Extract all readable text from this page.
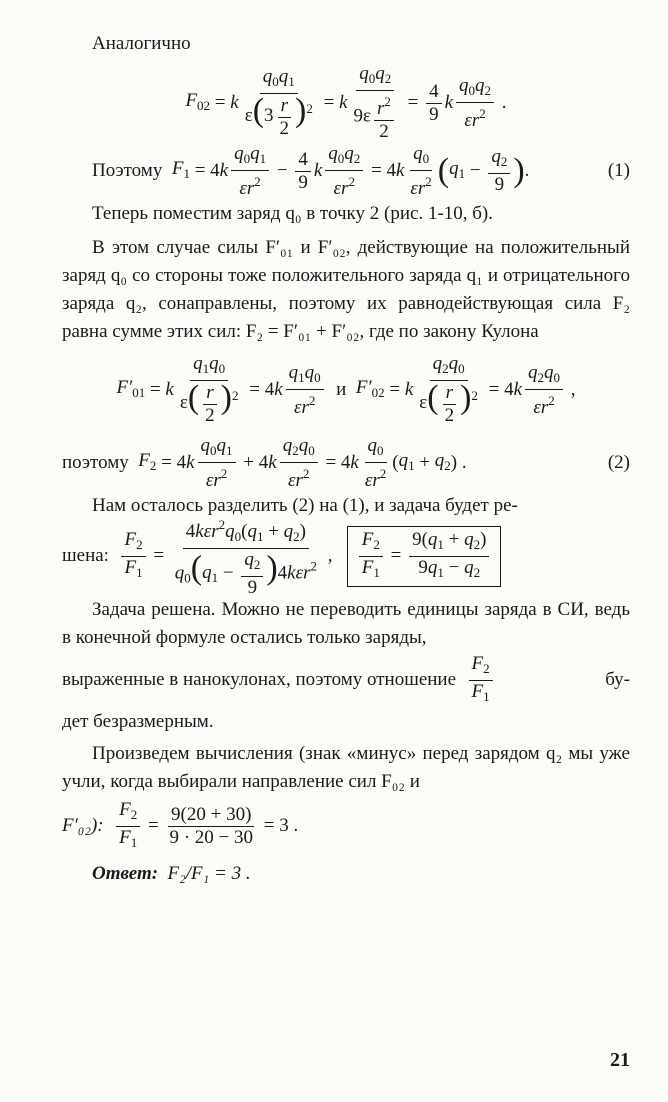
Аналогично

$F_{02} = k \frac{q_0q_1}{\varepsilon(3 \frac{r}{2} )^2} = k \frac{q_0q_2}{9\varepsilon \frac{r^2}{2}} = \frac{4}{9}$ k $\frac{q_0q_2}{\varepsilon r^2}$ .
Поэтому
$F_1 = 4$ k $\frac{q_0q_1}{\varepsilon r^2} - \frac{4}{9}$ k $\frac{q_0q_2}{\varepsilon r^2} = 4$ k $\frac{q_0}{\varepsilon r^2}$ ( $q_1 - \frac{q_2}{9}$ ) .	(1)

Теперь поместим заряд q₀ в точку 2 (рис. 1-10, б).

В этом случае силы F′₀₁ и F′₀₂, действующие на положительный заряд q₀ со стороны тоже положительного заряда q₁ и отрицательного заряда q₂, сонаправлены, поэтому их равнодействующая сила F₂ равна сумме этих сил: F₂ = F′₀₁ + F′₀₂, где по закону Кулона

$F'_{01} = k \frac{q_1q_0}{\varepsilon( \frac{r}{2} )^2} = 4$ k $\frac{q_1q_0}{\varepsilon r^2}$
и
$F'_{02} = k \frac{q_2q_0}{\varepsilon( \frac{r}{2} )^2} = 4$ k $\frac{q_2q_0}{\varepsilon r^2}$ ,
поэтому
$F_2 = 4$ k $\frac{q_0q_1}{\varepsilon r^2} + 4$ k $\frac{q_2q_0}{\varepsilon r^2} = 4$ k $\frac{q_0}{\varepsilon r^2}$ ( $q_1 + q_2$ ) .	(2)

Нам осталось разделить (2) на (1), и задача будет ре-

шена:
$\frac{F_2}{F_1} = \frac{4k\varepsilon r^2q_0(q_1 + q_2)}{q_0(q_1 - \frac{q_2}{9} )4k\varepsilon r^2}$ , $\frac{F_2}{F_1} = \frac{9(q_1 + q_2)}{9q_1 - q_2}$

Задача решена. Можно не переводить единицы заряда в СИ, ведь в конечной формуле остались только заряды,

выраженные в нанокулонах, поэтому отношение
$\frac{F_2}{F_1}$
	бу-

дет безразмерным.

Произведем вычисления (знак «минус» перед зарядом q₂ мы уже учли, когда выбирали направление сил F₀₂ и

F′₀₂):
$\frac{F_2}{F_1} = \frac{9(20 + 30)}{9 \cdot 20 - 30}$
= 3 .

Ответ: F₂/F₁ = 3 .

21
